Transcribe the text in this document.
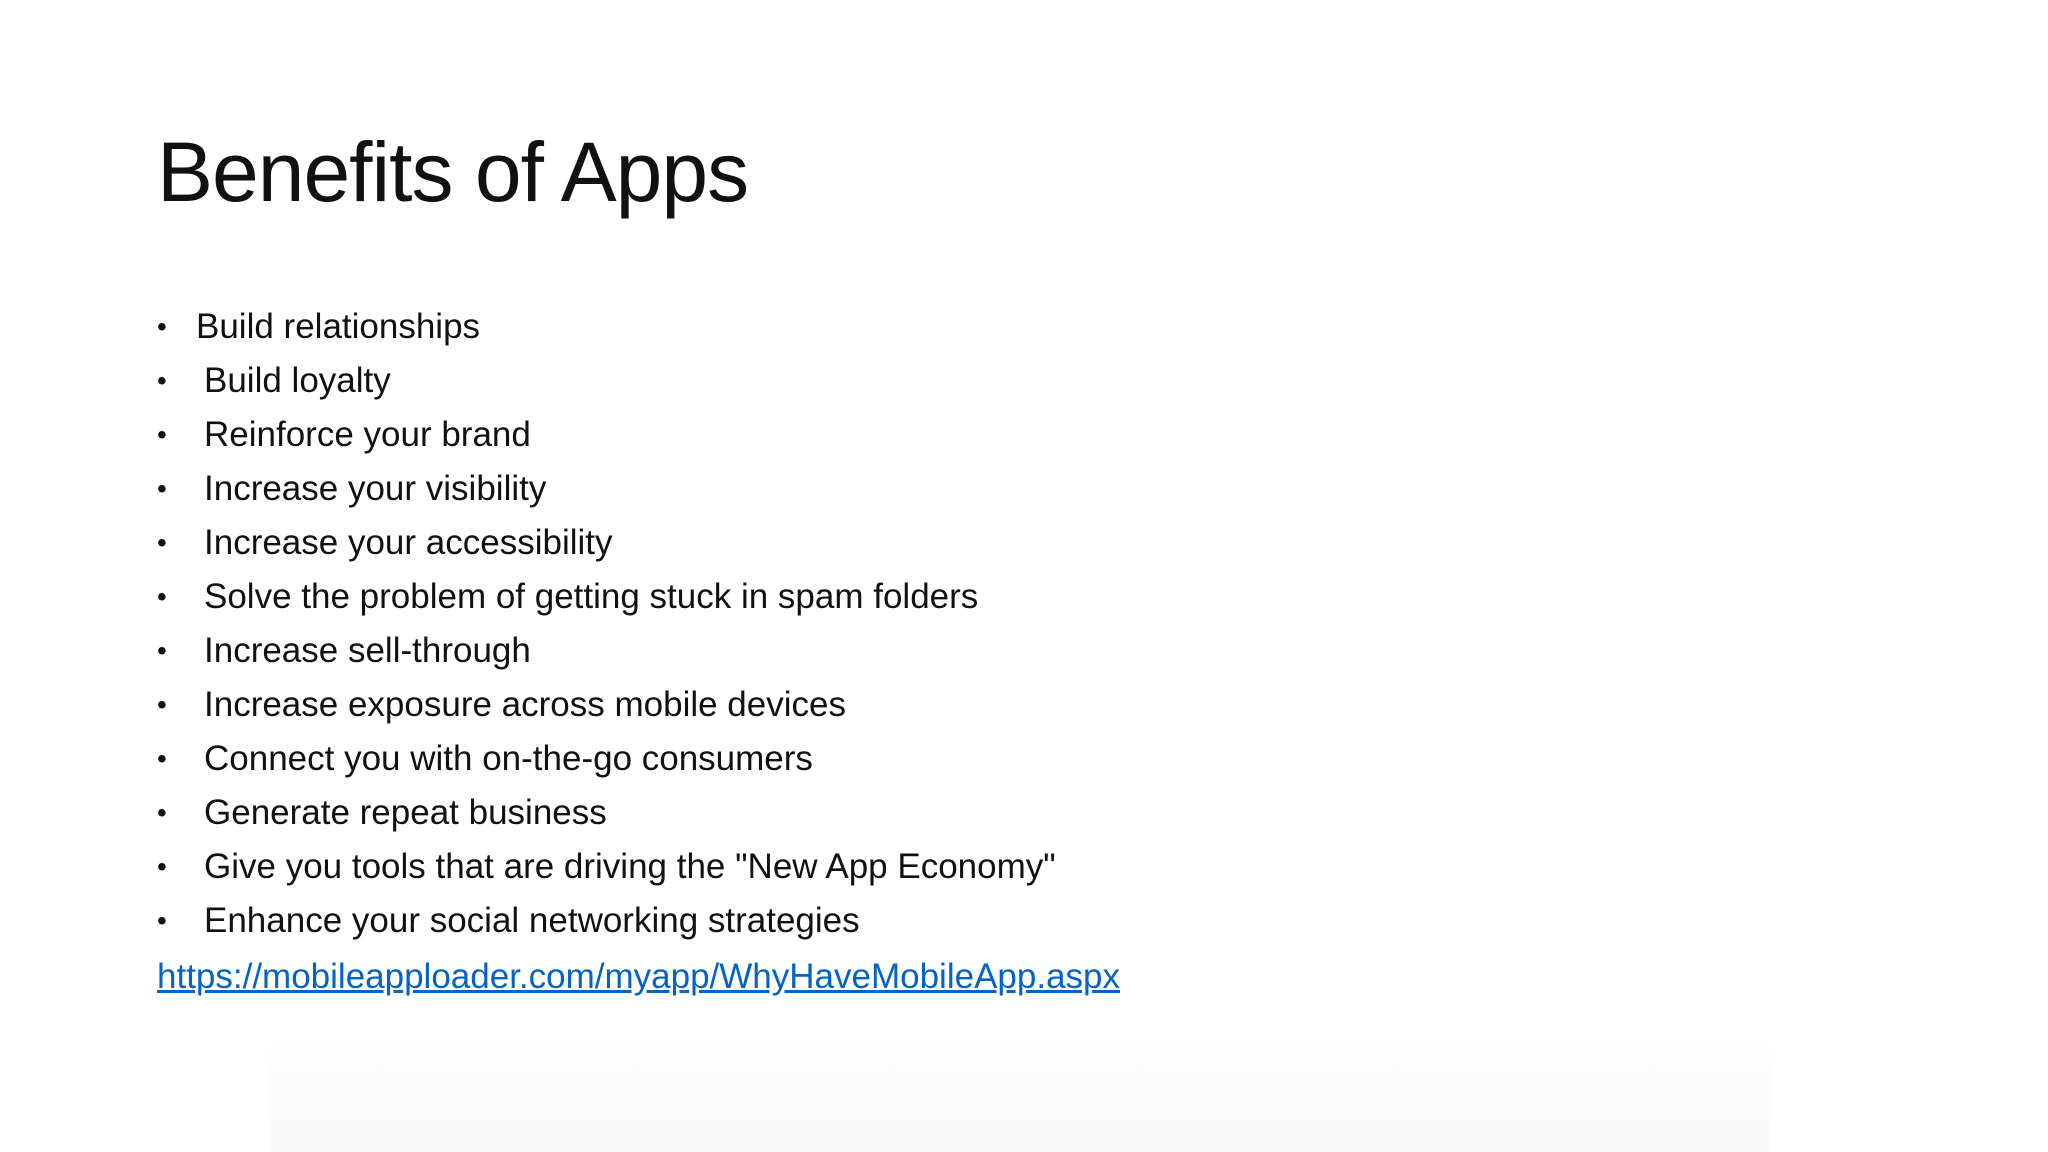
Benefits of Apps
• Build relationships
• Build loyalty
• Reinforce your brand
• Increase your visibility
• Increase your accessibility
• Solve the problem of getting stuck in spam folders
• Increase sell-through
• Increase exposure across mobile devices
• Connect you with on-the-go consumers
• Generate repeat business
• Give you tools that are driving the "New App Economy"
• Enhance your social networking strategies
https://mobileapploader.com/myapp/WhyHaveMobileApp.aspx
